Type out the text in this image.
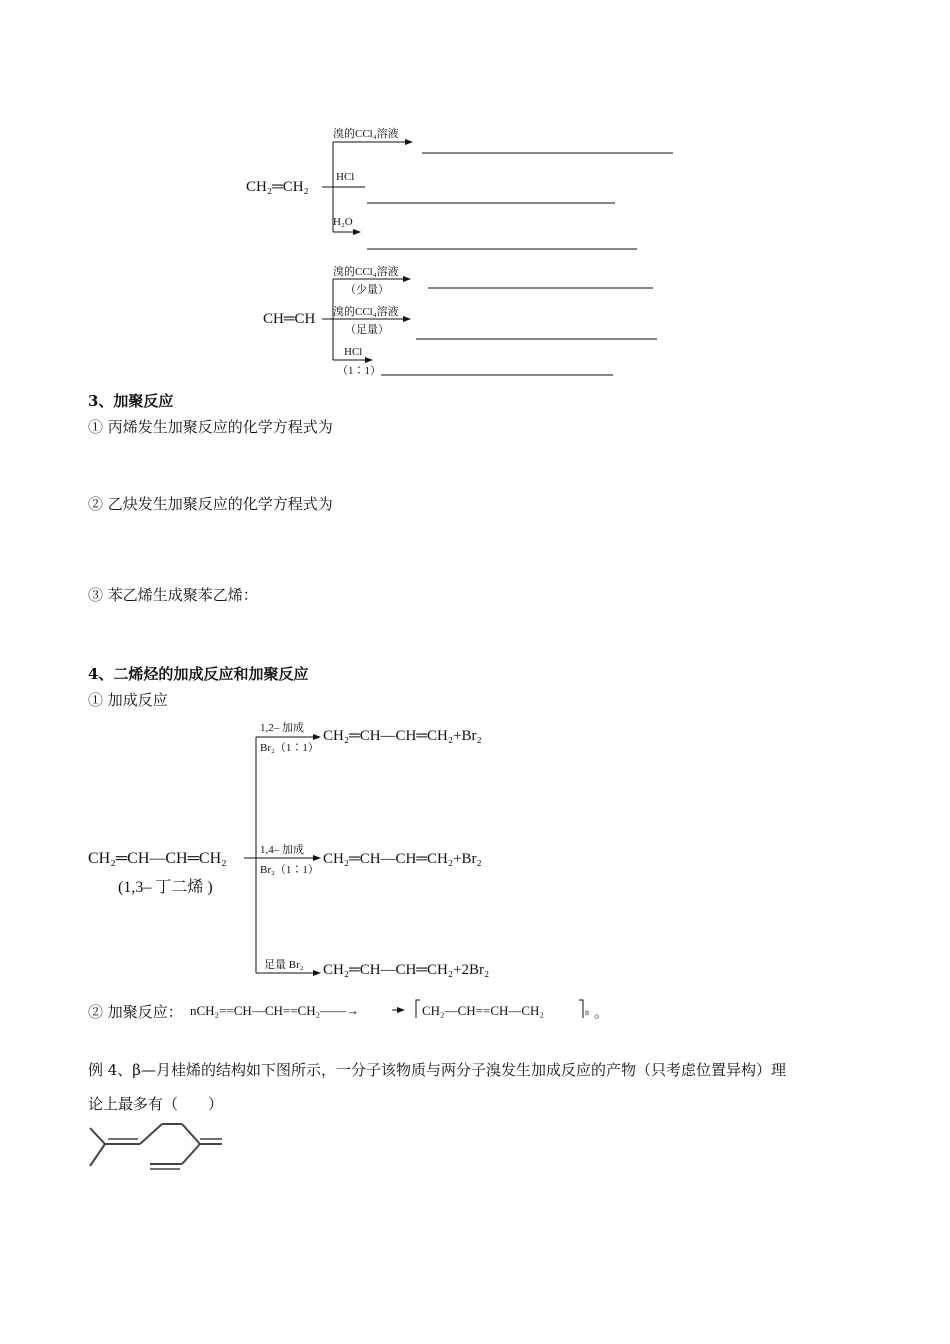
CH₂═CH₂
溴的CCl₄溶液
HCl
H₂O
CH═CH
溴的CCl₄溶液
（少量）
溴的CCl₄溶液
（足量）
HCl
（1∶1）
3、加聚反应
① 丙烯发生加聚反应的化学方程式为
② 乙炔发生加聚反应的化学方程式为
③ 苯乙烯生成聚苯乙烯：
4、二烯烃的加成反应和加聚反应
① 加成反应
CH₂═CH—CH═CH₂
(1,3– 丁二烯 )
1,2– 加成
Br₂（1∶1）
CH₂═CH—CH═CH₂+Br₂
1,4– 加成
Br₂（1∶1）
CH₂═CH—CH═CH₂+Br₂
足量 Br₂ CH₂═CH—CH═CH₂+2Br₂
② 加聚反应： nCH₂==CH—CH==CH₂——→	CH₂—CH==CH—CH₂	n 。
例 4、β—月桂烯的结构如下图所示，一分子该物质与两分子溴发生加成反应的产物（只考虑位置异构）理
论上最多有（　　）
